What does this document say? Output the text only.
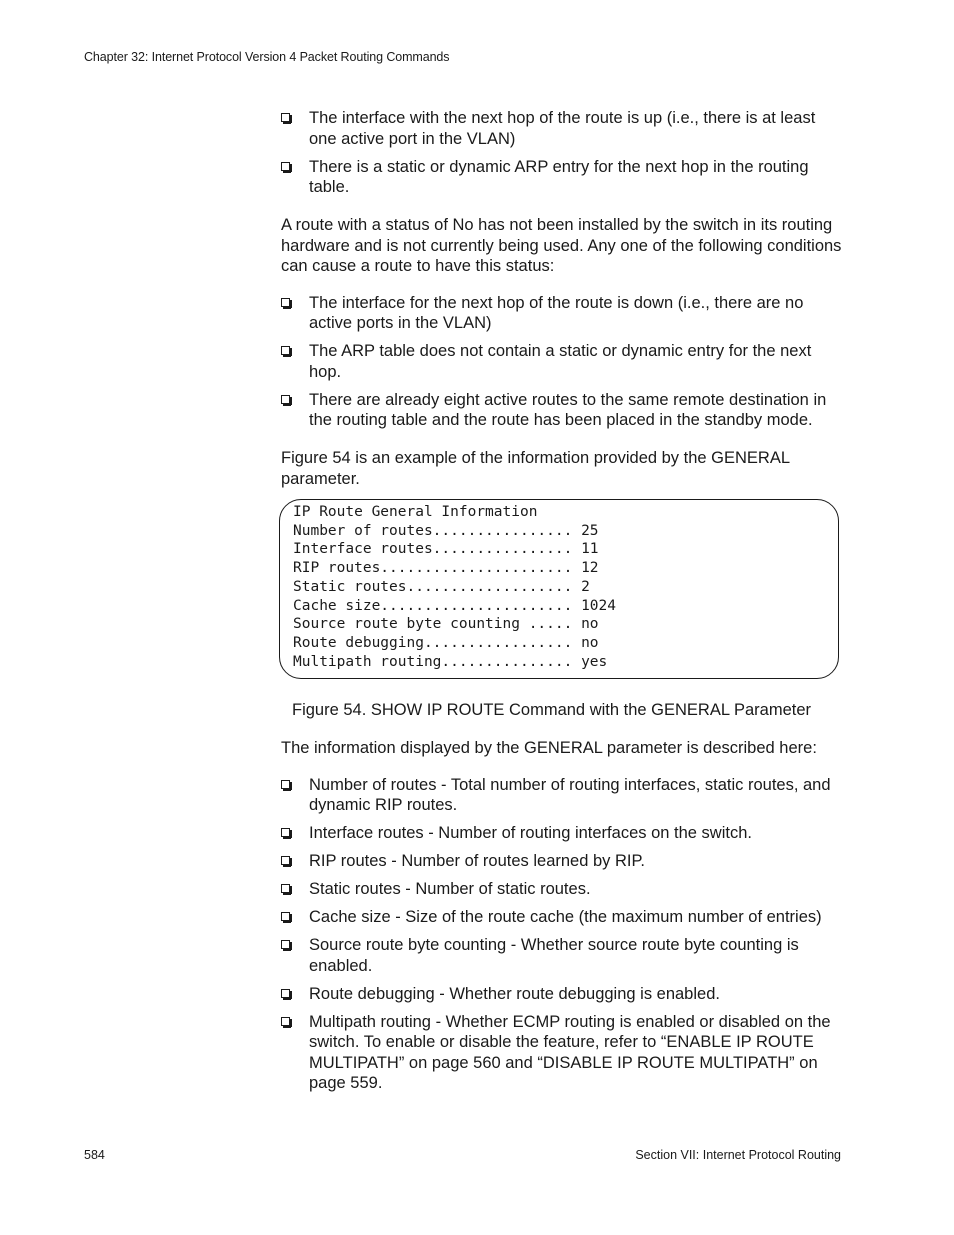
Chapter 32: Internet Protocol Version 4 Packet Routing Commands
The interface with the next hop of the route is up (i.e., there is at least one active port in the VLAN)
There is a static or dynamic ARP entry for the next hop in the routing table.

A route with a status of No has not been installed by the switch in its routing hardware and is not currently being used. Any one of the following conditions can cause a route to have this status:

The interface for the next hop of the route is down (i.e., there are no active ports in the VLAN)
The ARP table does not contain a static or dynamic entry for the next hop.
There are already eight active routes to the same remote destination in the routing table and the route has been placed in the standby mode.

Figure 54 is an example of the information provided by the GENERAL parameter.

IP Route General Information
Number of routes................ 25
Interface routes................ 11
RIP routes...................... 12
Static routes................... 2
Cache size...................... 1024
Source route byte counting ..... no
Route debugging................. no
Multipath routing............... yes
Figure 54. SHOW IP ROUTE Command with the GENERAL Parameter

The information displayed by the GENERAL parameter is described here:

Number of routes - Total number of routing interfaces, static routes, and dynamic RIP routes.
Interface routes - Number of routing interfaces on the switch.
RIP routes - Number of routes learned by RIP.
Static routes - Number of static routes.
Cache size - Size of the route cache (the maximum number of entries)
Source route byte counting - Whether source route byte counting is enabled.
Route debugging - Whether route debugging is enabled.
Multipath routing - Whether ECMP routing is enabled or disabled on the switch. To enable or disable the feature, refer to “ENABLE IP ROUTE MULTIPATH” on page 560 and “DISABLE IP ROUTE MULTIPATH” on page 559.
584	Section VII: Internet Protocol Routing
